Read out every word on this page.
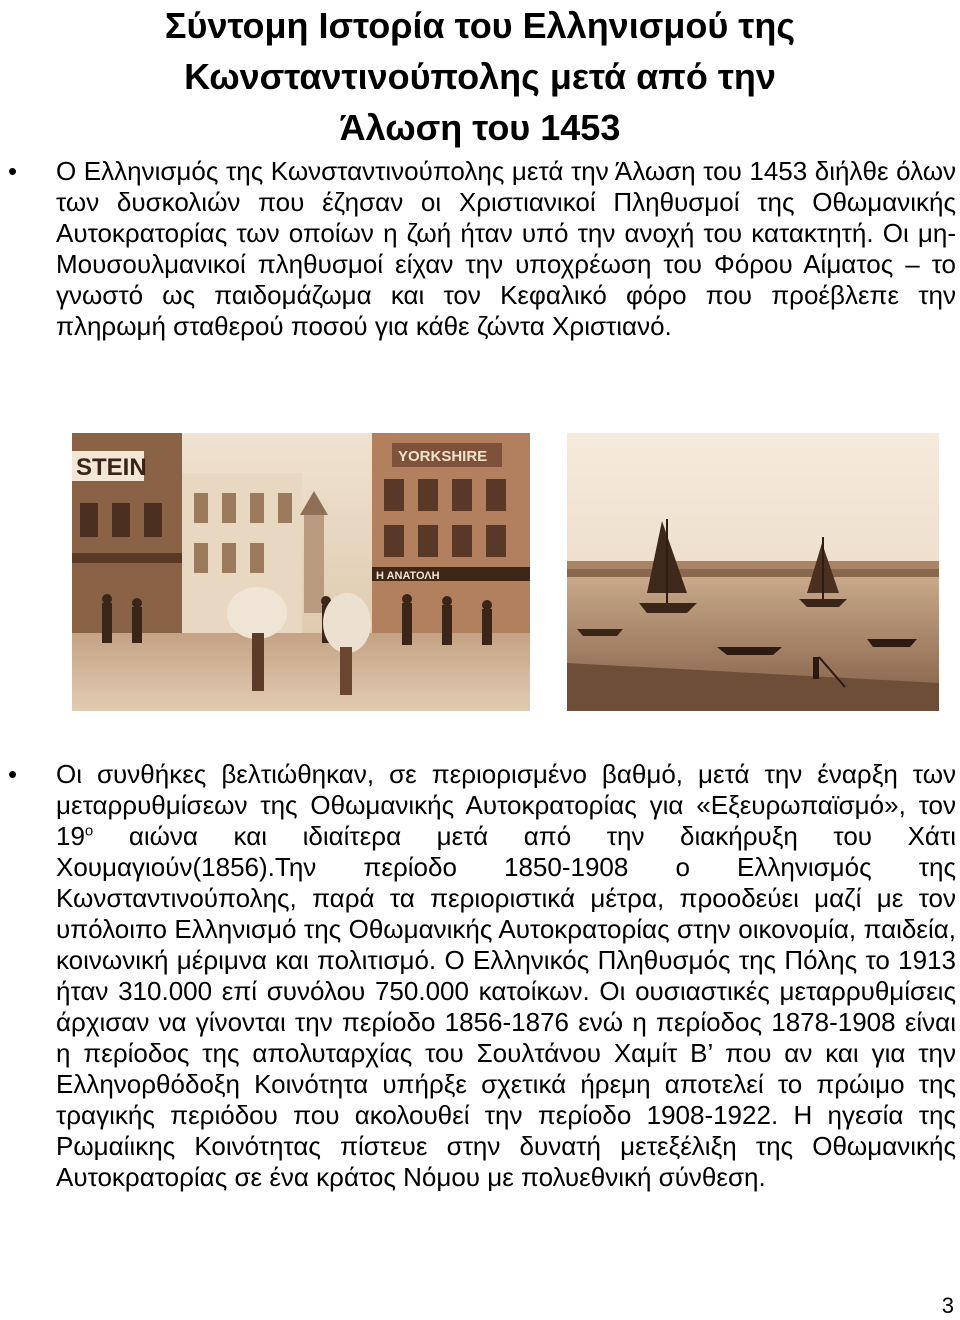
Σύντομη Ιστορία του Ελληνισμού της
Κωνσταντινούπολης μετά από την
Άλωση του 1453
• Ο Ελληνισμός της Κωνσταντινούπολης μετά την Άλωση του 1453 διήλθε όλων των δυσκολιών που έζησαν οι Χριστιανικοί Πληθυσμοί της Οθωμανικής Αυτοκρατορίας των οποίων η ζωή ήταν υπό την ανοχή του κατακτητή. Οι μη-Μουσουλμανικοί πληθυσμοί είχαν την υποχρέωση του Φόρου Αίματος – το γνωστό ως παιδομάζωμα και τον Κεφαλικό φόρο που προέβλεπε την πληρωμή σταθερού ποσού για κάθε ζώντα Χριστιανό.

STEIN	YORKSHIRE
Η ΑΝΑΤΟΛΗ
• Οι συνθήκες βελτιώθηκαν, σε περιορισμένο βαθμό, μετά την έναρξη των μεταρρυθμίσεων της Οθωμανικής Αυτοκρατορίας για «Εξευρωπαϊσμό», τον $19^o$ αιώνα και ιδιαίτερα μετά από την διακήρυξη του Χάτι Χουμαγιούν(1856).Την περίοδο 1850-1908 ο Ελληνισμός της Κωνσταντινούπολης, παρά τα περιοριστικά μέτρα, προοδεύει μαζί με τον υπόλοιπο Ελληνισμό της Οθωμανικής Αυτοκρατορίας στην οικονομία, παιδεία, κοινωνική μέριμνα και πολιτισμό. Ο Ελληνικός Πληθυσμός της Πόλης το 1913 ήταν 310.000 επί συνόλου 750.000 κατοίκων. Οι ουσιαστικές μεταρρυθμίσεις άρχισαν να γίνονται την περίοδο 1856-1876 ενώ η περίοδος 1878-1908 είναι η περίοδος της απολυταρχίας του Σουλτάνου Χαμίτ Β’ που αν και για την Ελληνορθόδοξη Κοινότητα υπήρξε σχετικά ήρεμη αποτελεί το πρώιμο της τραγικής περιόδου που ακολουθεί την περίοδο 1908-1922. Η ηγεσία της Ρωμαίικης Κοινότητας πίστευε στην δυνατή μετεξέλιξη της Οθωμανικής Αυτοκρατορίας σε ένα κράτος Νόμου με πολυεθνική σύνθεση.

3
